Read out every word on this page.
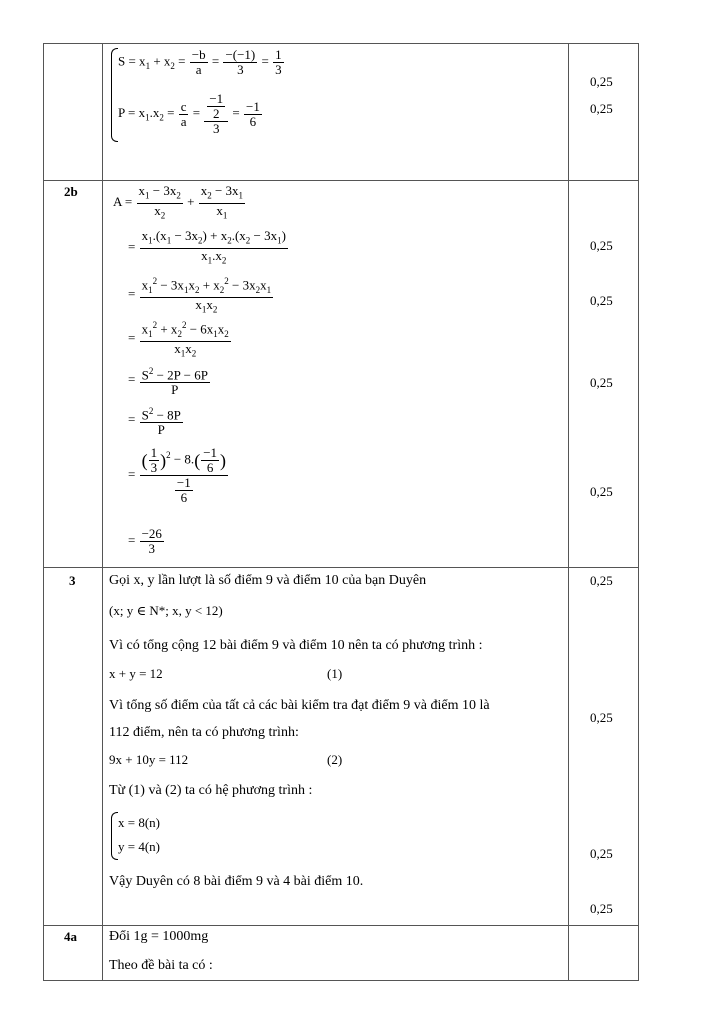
$S = x_1 + x_2 = \frac{-b}{a} = \frac{-(-1)}{3} = \frac{1}{3}$
$P = x_1.x_2 = \frac{c}{a} = \frac{\frac{-1}{2}}{3} = \frac{-1}{6}$
0,25
0,25
2b
$A = \frac{x_1 - 3x_2}{x_2} + \frac{x_2 - 3x_1}{x_1}$
= $\frac{x_1.(x_1 - 3x_2) + x_2.(x_2 - 3x_1)}{x_1.x_2}$
= $\frac{x_1^2 - 3x_1x_2 + x_2^2 - 3x_2x_1}{x_1x_2}$
= $\frac{x_1^2 + x_2^2 - 6x_1x_2}{x_1x_2}$
= $\frac{S^2 - 2P - 6P}{P}$
= $\frac{S^2 - 8P}{P}$
= $\frac{( \frac{1}{3} )^2 - 8.( \frac{-1}{6} )}{\frac{-1}{6}}$
= $\frac{-26}{3}$
0,25
0,25
0,25
0,25
3 Gọi x, y lần lượt là số điểm 9 và điểm 10 của bạn Duyên
(x; y ∈ N*; x, y < 12)
Vì có tổng cộng 12 bài điểm 9 và điểm 10 nên ta có phương trình :
x + y = 12	(1)
Vì tổng số điểm của tất cả các bài kiểm tra đạt điểm 9 và điểm 10 là
112 điểm, nên ta có phương trình:
9x + 10y = 112	(2)
Từ (1) và (2) ta có hệ phương trình :
x = 8(n)
y = 4(n)
Vậy Duyên có 8 bài điểm 9 và 4 bài điểm 10.
0,25
0,25
0,25
0,25
4a Đổi 1g = 1000mg
Theo đề bài ta có :
